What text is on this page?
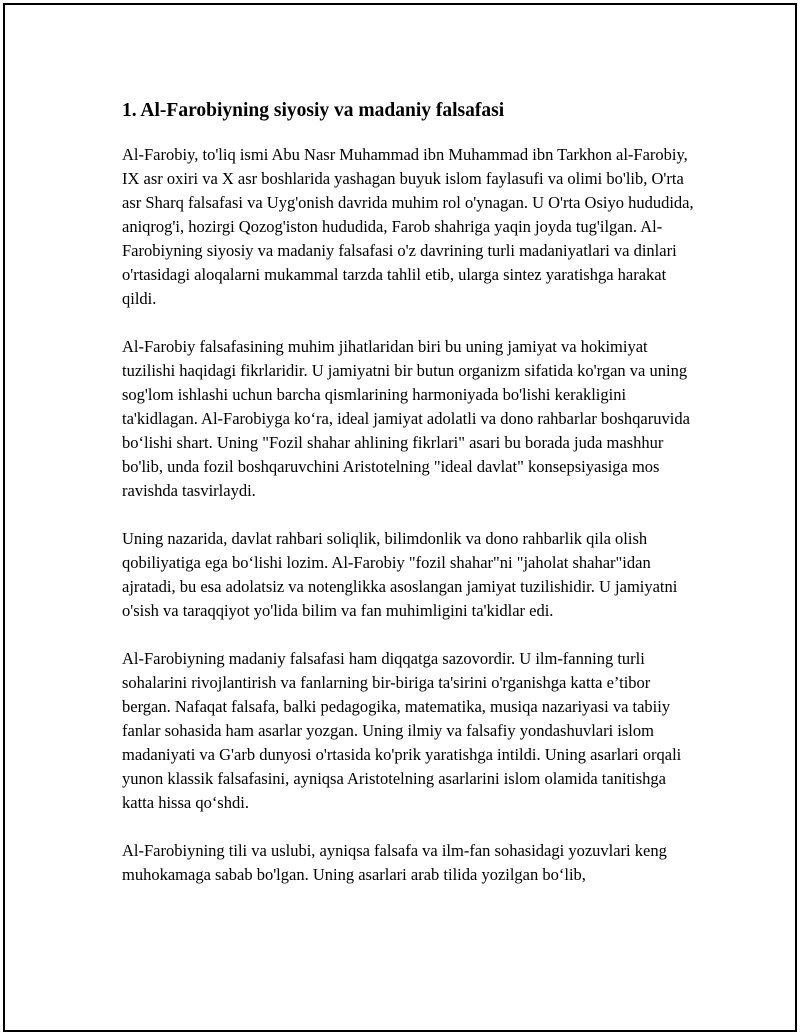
1. Al-Farobiyning siyosiy va madaniy falsafasi

Al-Farobiy, to'liq ismi Abu Nasr Muhammad ibn Muhammad ibn Tarkhon al-Farobiy, IX asr oxiri va X asr boshlarida yashagan buyuk islom faylasufi va olimi bo'lib, O'rta asr Sharq falsafasi va Uyg'onish davrida muhim rol o'ynagan. U O'rta Osiyo hududida, aniqrog'i, hozirgi Qozog'iston hududida, Farob shahriga yaqin joyda tug'ilgan. Al-Farobiyning siyosiy va madaniy falsafasi o'z davrining turli madaniyatlari va dinlari o'rtasidagi aloqalarni mukammal tarzda tahlil etib, ularga sintez yaratishga harakat qildi.

Al-Farobiy falsafasining muhim jihatlaridan biri bu uning jamiyat va hokimiyat tuzilishi haqidagi fikrlaridir. U jamiyatni bir butun organizm sifatida ko'rgan va uning sog'lom ishlashi uchun barcha qismlarining harmoniyada bo'lishi kerakligini ta'kidlagan. Al-Farobiyga ko‘ra, ideal jamiyat adolatli va dono rahbarlar boshqaruvida bo‘lishi shart. Uning "Fozil shahar ahlining fikrlari" asari bu borada juda mashhur bo'lib, unda fozil boshqaruvchini Aristotelning "ideal davlat" konsepsiyasiga mos ravishda tasvirlaydi.

Uning nazarida, davlat rahbari soliqlik, bilimdonlik va dono rahbarlik qila olish qobiliyatiga ega bo‘lishi lozim. Al-Farobiy "fozil shahar"ni "jaholat shahar"idan ajratadi, bu esa adolatsiz va notenglikka asoslangan jamiyat tuzilishidir. U jamiyatni o'sish va taraqqiyot yo'lida bilim va fan muhimligini ta'kidlar edi.

Al-Farobiyning madaniy falsafasi ham diqqatga sazovordir. U ilm-fanning turli sohalarini rivojlantirish va fanlarning bir-biriga ta'sirini o'rganishga katta e’tibor bergan. Nafaqat falsafa, balki pedagogika, matematika, musiqa nazariyasi va tabiiy fanlar sohasida ham asarlar yozgan. Uning ilmiy va falsafiy yondashuvlari islom madaniyati va G'arb dunyosi o'rtasida ko'prik yaratishga intildi. Uning asarlari orqali yunon klassik falsafasini, ayniqsa Aristotelning asarlarini islom olamida tanitishga katta hissa qo‘shdi.

Al-Farobiyning tili va uslubi, ayniqsa falsafa va ilm-fan sohasidagi yozuvlari keng muhokamaga sabab bo'lgan. Uning asarlari arab tilida yozilgan bo‘lib,
